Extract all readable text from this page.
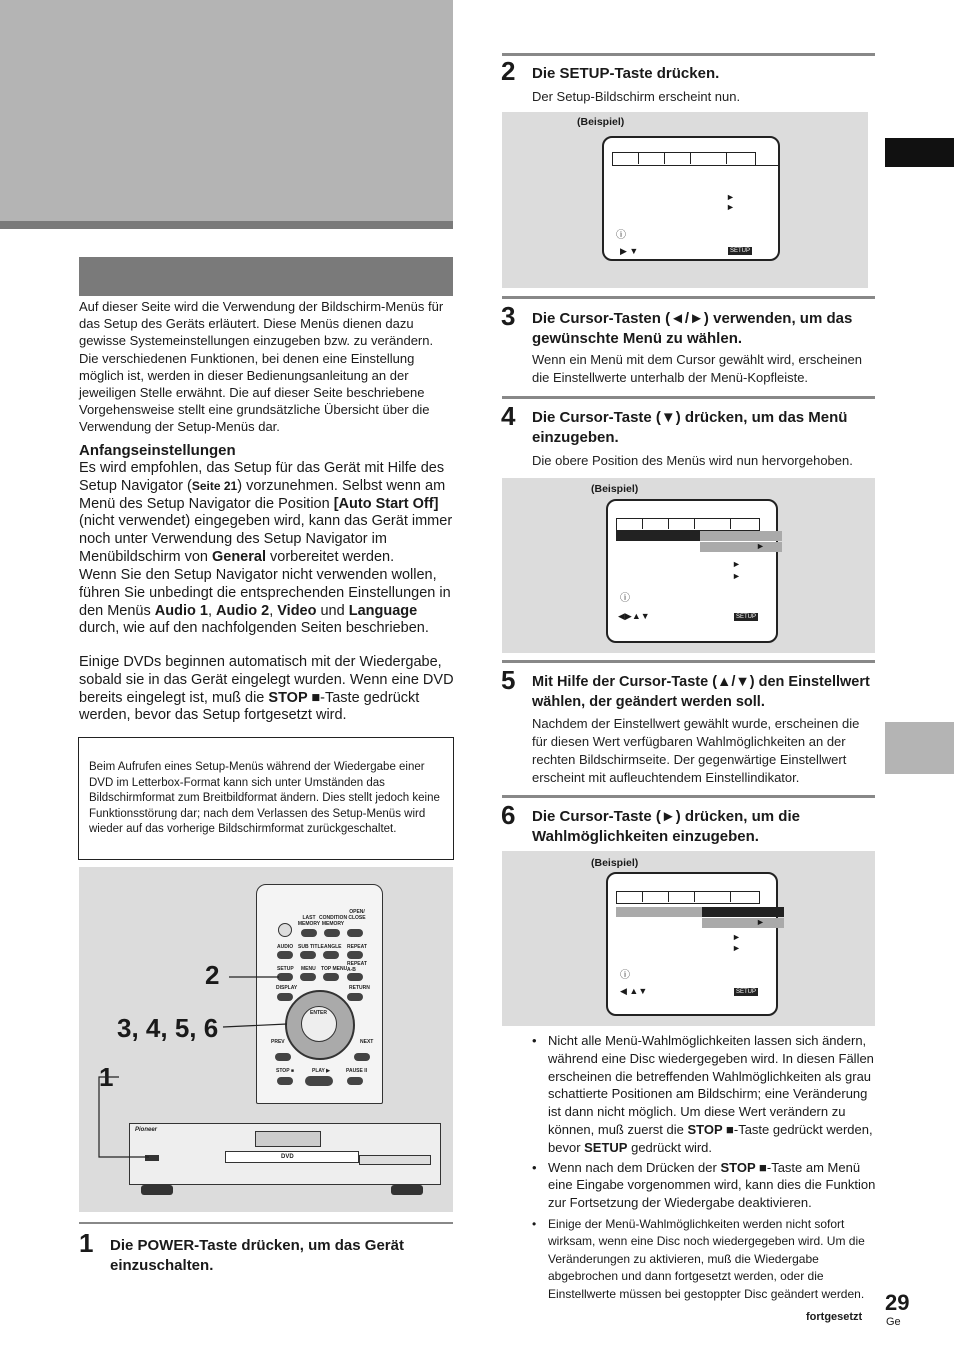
Auf dieser Seite wird die Verwendung der Bildschirm-Menüs für das Setup des Geräts erläutert. Diese Menüs dienen dazu gewisse Systemeinstellungen einzugeben bzw. zu verändern. Die verschiedenen Funktionen, bei denen eine Einstellung möglich ist, werden in dieser Bedienungsanleitung an der jeweiligen Stelle erwähnt. Die auf dieser Seite beschriebene Vorgehensweise stellt eine grundsätzliche Übersicht über die Verwendung der Setup-Menüs dar.
Anfangseinstellungen
Es wird empfohlen, das Setup für das Gerät mit Hilfe des Setup Navigator (Seite 21) vorzunehmen. Selbst wenn am Menü des Setup Navigator die Position [Auto Start Off] (nicht verwendet) eingegeben wird, kann das Gerät immer noch unter Verwendung des Setup Navigator im Menübildschirm von General vorbereitet werden.
Wenn Sie den Setup Navigator nicht verwenden wollen, führen Sie unbedingt die entsprechenden Einstellungen in den Menüs Audio 1, Audio 2, Video und Language durch, wie auf den nachfolgenden Seiten beschrieben.
Einige DVDs beginnen automatisch mit der Wiedergabe, sobald sie in das Gerät eingelegt wurden. Wenn eine DVD bereits eingelegt ist, muß die STOP ■-Taste gedrückt werden, bevor das Setup fortgesetzt wird.
Beim Aufrufen eines Setup-Menüs während der Wiedergabe einer DVD im Letterbox-Format kann sich unter Umständen das Bildschirmformat zum Breitbildformat ändern. Dies stellt jedoch keine Funktionsstörung dar; nach dem Verlassen des Setup-Menüs wird wieder auf das vorherige Bildschirmformat zurückgeschaltet.
LAST MEMORY
CONDITION MEMORY
OPEN/ CLOSE
AUDIO SUB TITLE ANGLE REPEAT
SETUP MENU TOP MENU
REPEAT A-B
DISPLAY	RETURN
ENTER
PREV	NEXT
STOP ■	PLAY ▶	PAUSE II
Pioneer
DVD
2
3, 4, 5, 6
1
1 Die POWER-Taste drücken, um das Gerät einzuschalten.
2 Die SETUP-Taste drücken.
Der Setup-Bildschirm erscheint nun.
(Beispiel)
►
►
ⓘ
▶ ▼	SETUP
3 Die Cursor-Tasten (◄/►) verwenden, um das gewünschte Menü zu wählen.
Wenn ein Menü mit dem Cursor gewählt wird, erscheinen die Einstellwerte unterhalb der Menü-Kopfleiste.
4 Die Cursor-Taste (▼) drücken, um das Menü einzugeben.
Die obere Position des Menüs wird nun hervorgehoben.
(Beispiel)
►
►
►
ⓘ
◀▶▲▼	SETUP
5 Mit Hilfe der Cursor-Taste (▲/▼) den Einstellwert wählen, der geändert werden soll.
Nachdem der Einstellwert gewählt wurde, erscheinen die für diesen Wert verfügbaren Wahlmöglichkeiten an der rechten Bildschirmseite. Der gegenwärtige Einstellwert erscheint mit aufleuchtendem Einstellindikator.
6 Die Cursor-Taste (►) drücken, um die Wahlmöglichkeiten einzugeben.
(Beispiel)
►
►
►
ⓘ
◀ ▲▼	SETUP
• Nicht alle Menü-Wahlmöglichkeiten lassen sich ändern, während eine Disc wiedergegeben wird. In diesen Fällen erscheinen die betreffenden Wahlmöglichkeiten als grau schattierte Positionen am Bildschirm; eine Veränderung ist dann nicht möglich. Um diese Wert verändern zu können, muß zuerst die STOP ■-Taste gedrückt werden, bevor SETUP gedrückt wird.
• Wenn nach dem Drücken der STOP ■-Taste am Menü eine Eingabe vorgenommen wird, kann dies die Funktion zur Fortsetzung der Wiedergabe deaktivieren.
• Einige der Menü-Wahlmöglichkeiten werden nicht sofort wirksam, wenn eine Disc noch wiedergegeben wird. Um die Veränderungen zu aktivieren, muß die Wiedergabe abgebrochen und dann fortgesetzt werden, oder die Einstellwerte müssen bei gestoppter Disc geändert werden.
fortgesetzt
29
Ge
